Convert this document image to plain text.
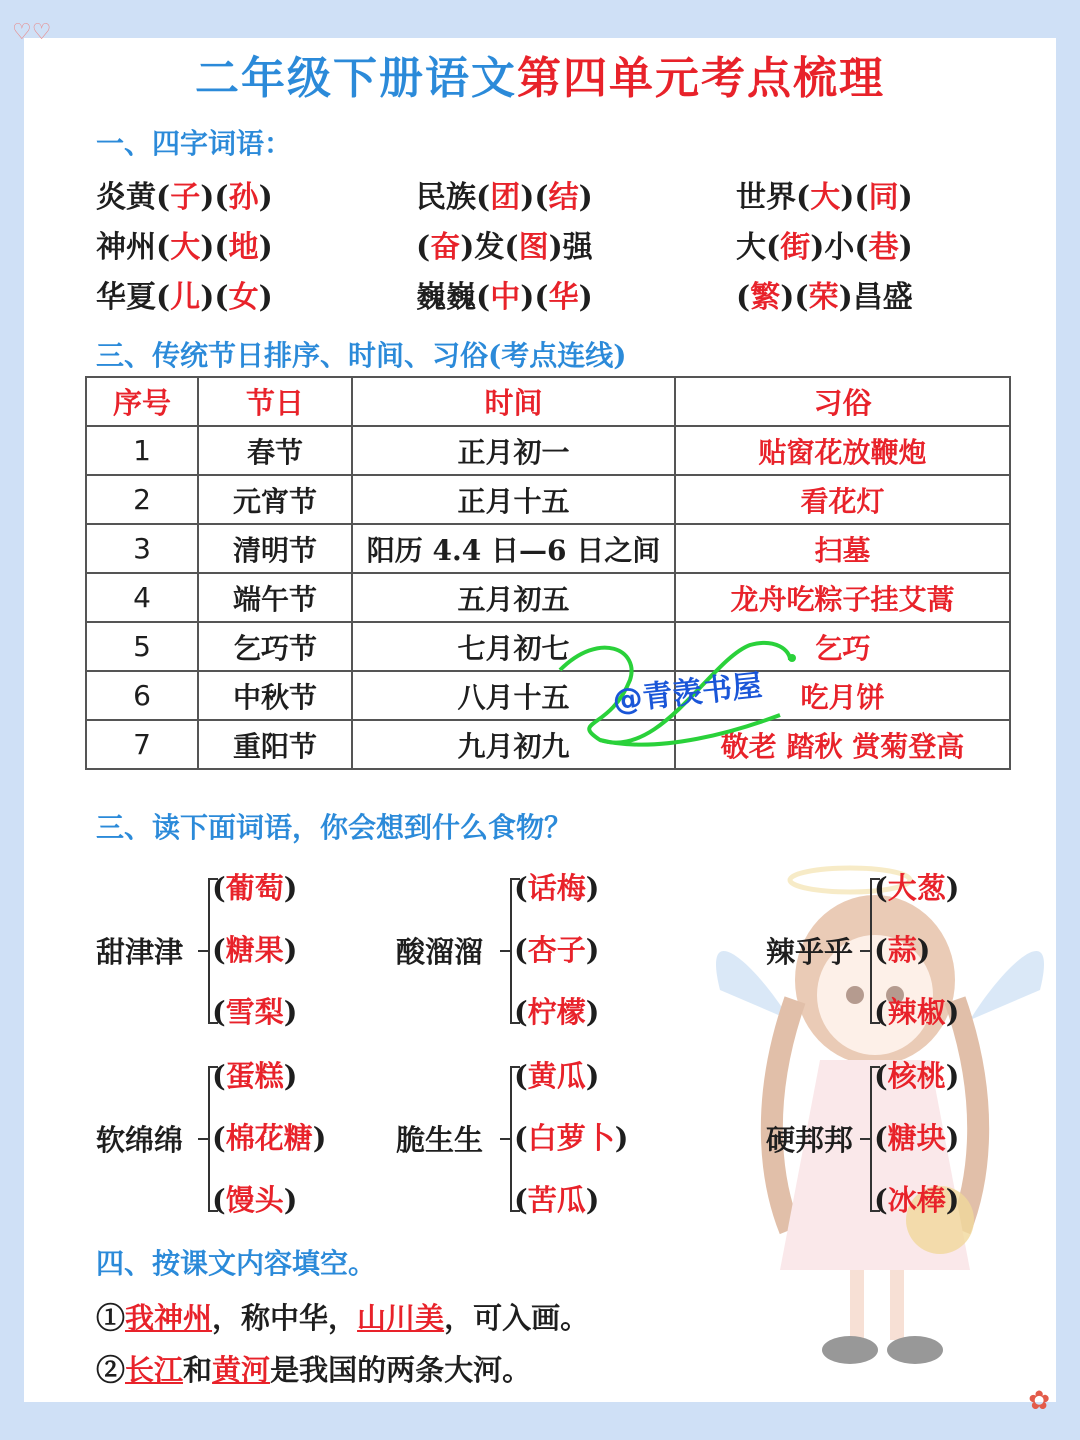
♡♡
二年级下册语文第四单元考点梳理
一、四字词语：
炎黄(子)(孙)	民族(团)(结)	世界(大)(同)
神州(大)(地)	(奋)发(图)强	大(街)小(巷)
华夏(儿)(女)	巍巍(中)(华)	(繁)(荣)昌盛
三、传统节日排序、时间、习俗(考点连线)
序号	节日	时间	习俗
1	春节	正月初一	贴窗花放鞭炮
2	元宵节	正月十五	看花灯
3	清明节	阳历 4.4 日—6 日之间	扫墓
4	端午节	五月初五	龙舟吃粽子挂艾蒿
5	乞巧节	七月初七	乞巧
6	中秋节	八月十五	吃月饼
7	重阳节	九月初九	敬老 踏秋 赏菊登高
@青羡书屋
三、读下面词语，你会想到什么食物？
甜津津
(葡萄)
(糖果)
(雪梨)
酸溜溜
(话梅)
(杏子)
(柠檬)
辣乎乎
(大葱)
(蒜)
(辣椒)
软绵绵
(蛋糕)
(棉花糖)
(馒头)
脆生生
(黄瓜)
(白萝卜)
(苦瓜)
硬邦邦
(核桃)
(糖块)
(冰棒)
四、按课文内容填空。
①我神州，称中华，山川美，可入画。
②长江和黄河是我国的两条大河。
✿
